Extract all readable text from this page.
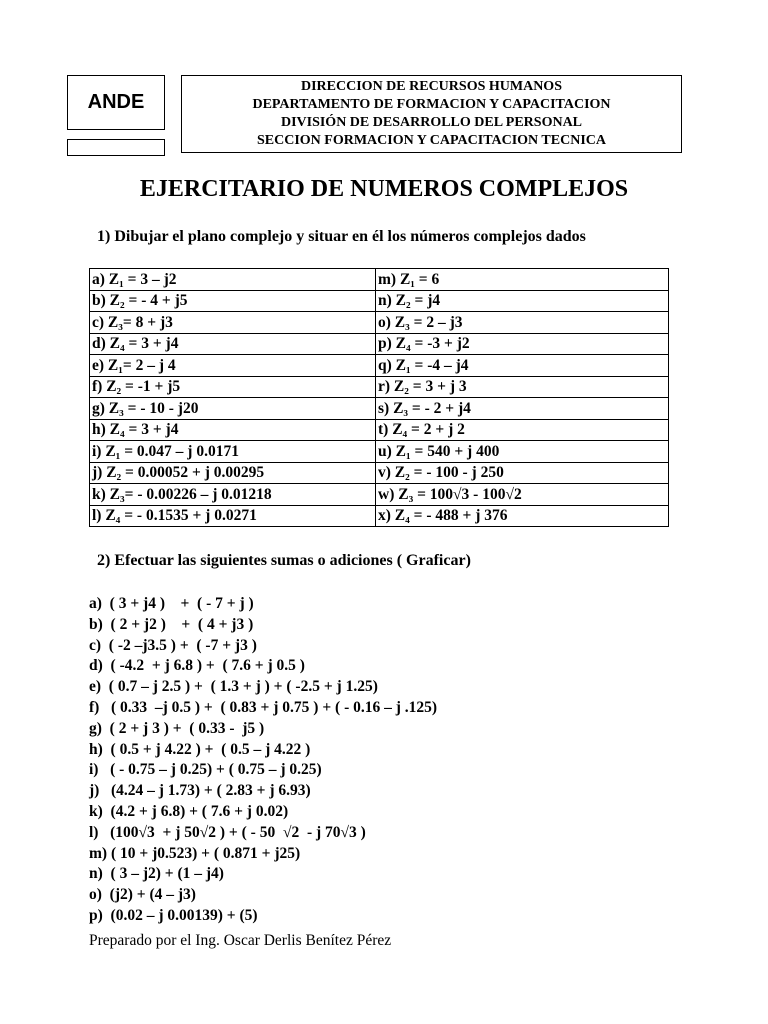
ANDE
DIRECCION DE RECURSOS HUMANOS
DEPARTAMENTO DE FORMACION Y CAPACITACION
DIVISIÓN DE DESARROLLO DEL PERSONAL
SECCION FORMACION Y CAPACITACION TECNICA
EJERCITARIO DE NUMEROS COMPLEJOS
1) Dibujar el plano complejo y situar en él los números complejos dados
a) Z₁ = 3 – j2	m) Z₁ = 6
b) Z₂ = - 4 + j5	n) Z₂ = j4
c) Z₃= 8 + j3	o) Z₃ = 2 – j3
d) Z₄ = 3 + j4	p) Z₄ = -3 + j2
e) Z₁= 2 – j 4	q) Z₁ = -4 – j4
f) Z₂ = -1 + j5	r) Z₂ = 3 + j 3
g) Z₃ = - 10 - j20	s) Z₃ = - 2 + j4
h) Z₄ = 3 + j4	t) Z₄ = 2 + j 2
i) Z₁ = 0.047 – j 0.0171	u) Z₁ = 540 + j 400
j) Z₂ = 0.00052 + j 0.00295	v) Z₂ = - 100 - j 250
k) Z₃= - 0.00226 – j 0.01218	w) Z₃ = 100√3 - 100√2
l) Z₄ = - 0.1535 + j 0.0271	x) Z₄ = - 488 + j 376
2) Efectuar las siguientes sumas o adiciones ( Graficar)
a)  ( 3 + j4 )    +  ( - 7 + j )
b)  ( 2 + j2 )    +  ( 4 + j3 )
c)  ( -2 –j3.5 ) +  ( -7 + j3 )
d)  ( -4.2  + j 6.8 ) +  ( 7.6 + j 0.5 )
e)  ( 0.7 – j 2.5 ) +  ( 1.3 + j ) + ( -2.5 + j 1.25)
f)   ( 0.33  –j 0.5 ) +  ( 0.83 + j 0.75 ) + ( - 0.16 – j .125)
g)  ( 2 + j 3 ) +  ( 0.33 -  j5 )
h)  ( 0.5 + j 4.22 ) +  ( 0.5 – j 4.22 )
i)   ( - 0.75 – j 0.25) + ( 0.75 – j 0.25)
j)   (4.24 – j 1.73) + ( 2.83 + j 6.93)
k)  (4.2 + j 6.8) + ( 7.6 + j 0.02)
l)   (100√3  + j 50√2 ) + ( - 50  √2  - j 70√3 )
m) ( 10 + j0.523) + ( 0.871 + j25)
n)  ( 3 – j2) + (1 – j4)
o)  (j2) + (4 – j3)
p)  (0.02 – j 0.00139) + (5)
Preparado por el Ing. Oscar Derlis Benítez Pérez
